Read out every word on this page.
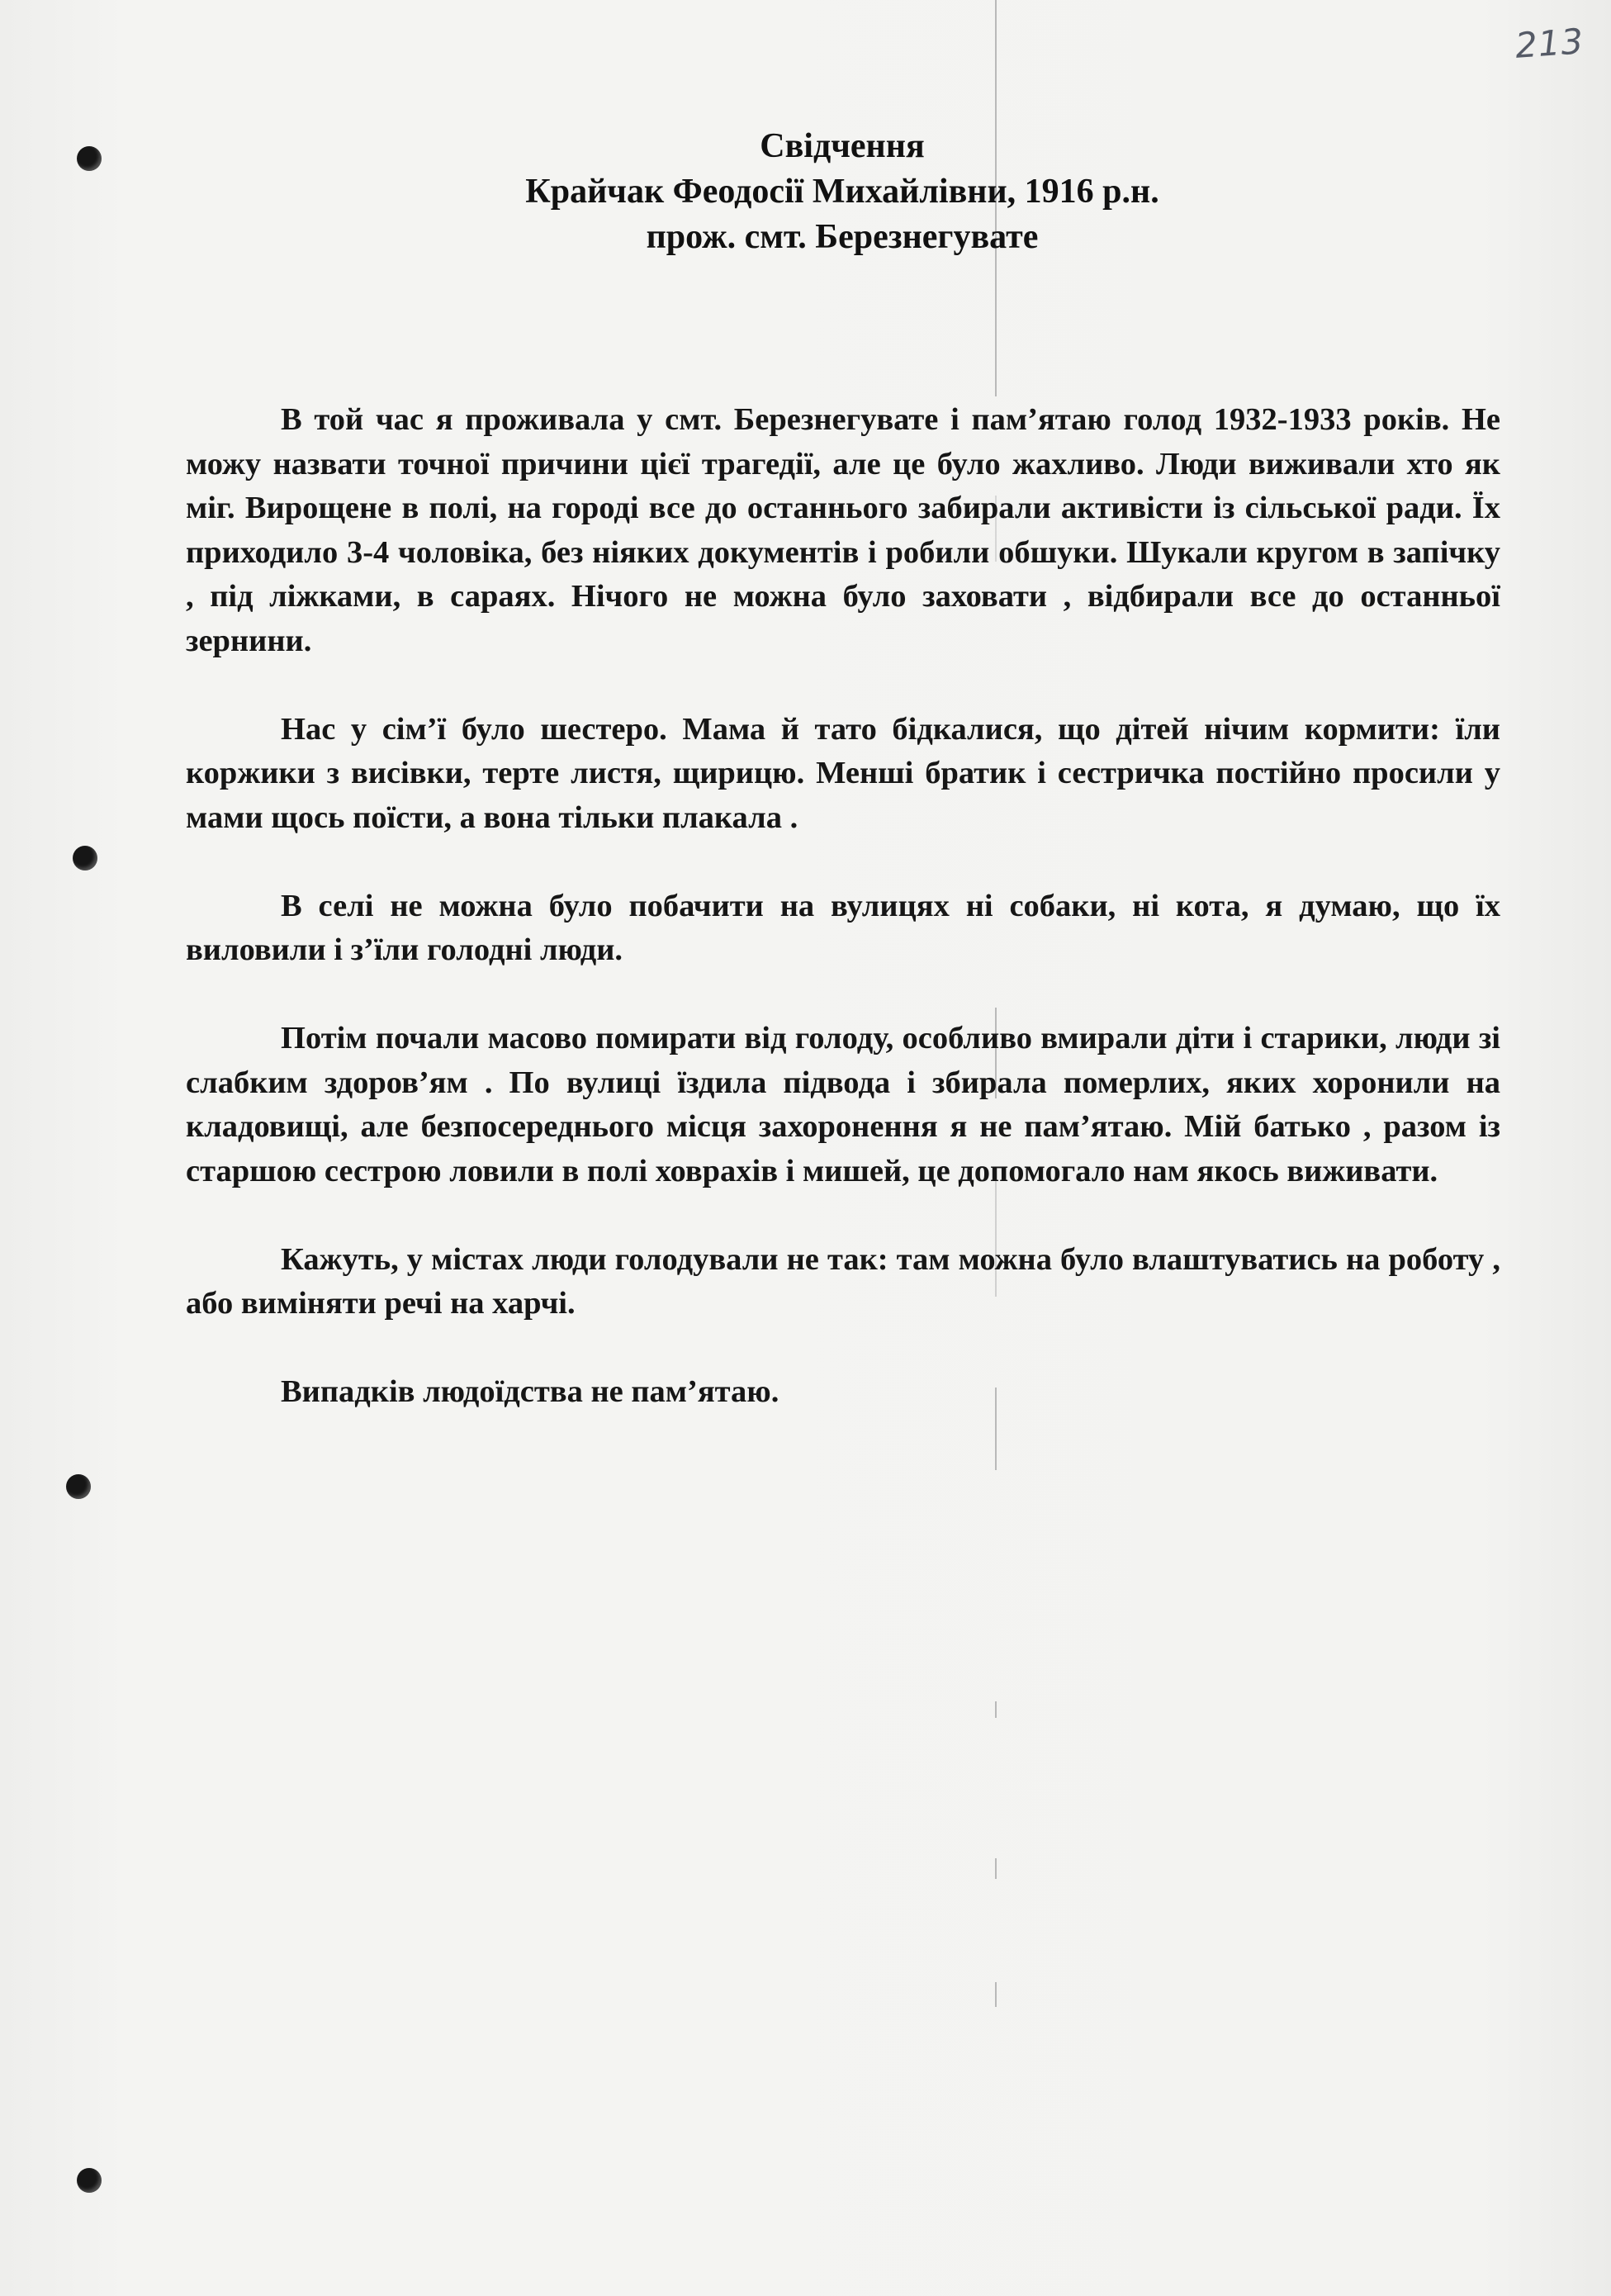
213
Свідчення
Крайчак Феодосії Михайлівни, 1916 р.н.
прож. смт. Березнегувате

В той час я проживала у смт. Березнегувате і пам’ятаю голод 1932-1933 років. Не можу назвати точної причини цієї трагедії, але це було жахливо. Люди виживали хто як міг. Вирощене в полі, на городі все до останнього забирали активісти із сільської ради. Їх приходило 3-4 чоловіка, без ніяких документів і робили обшуки. Шукали кругом в запічку , під ліжками, в сараях. Нічого не можна було заховати , відбирали все до останньої зернини.

Нас у сім’ї було шестеро. Мама й тато бідкалися, що дітей нічим кормити: їли коржики з висівки, терте листя, щирицю. Менші братик і сестричка постійно просили у мами щось поїсти, а вона тільки плакала .

В селі не можна було побачити на вулицях ні собаки, ні кота, я думаю, що їх виловили і з’їли голодні люди.

Потім почали масово помирати від голоду, особливо вмирали діти і старики, люди зі слабким здоров’ям . По вулиці їздила підвода і збирала померлих, яких хоронили на кладовищі, але безпосереднього місця захоронення я не пам’ятаю. Мій батько , разом із старшою сестрою ловили в полі ховрахів і мишей, це допомогало нам якось виживати.

Кажуть, у містах люди голодували не так: там можна було влаштуватись на роботу , або виміняти речі на харчі.

Випадків людоїдства не пам’ятаю.
